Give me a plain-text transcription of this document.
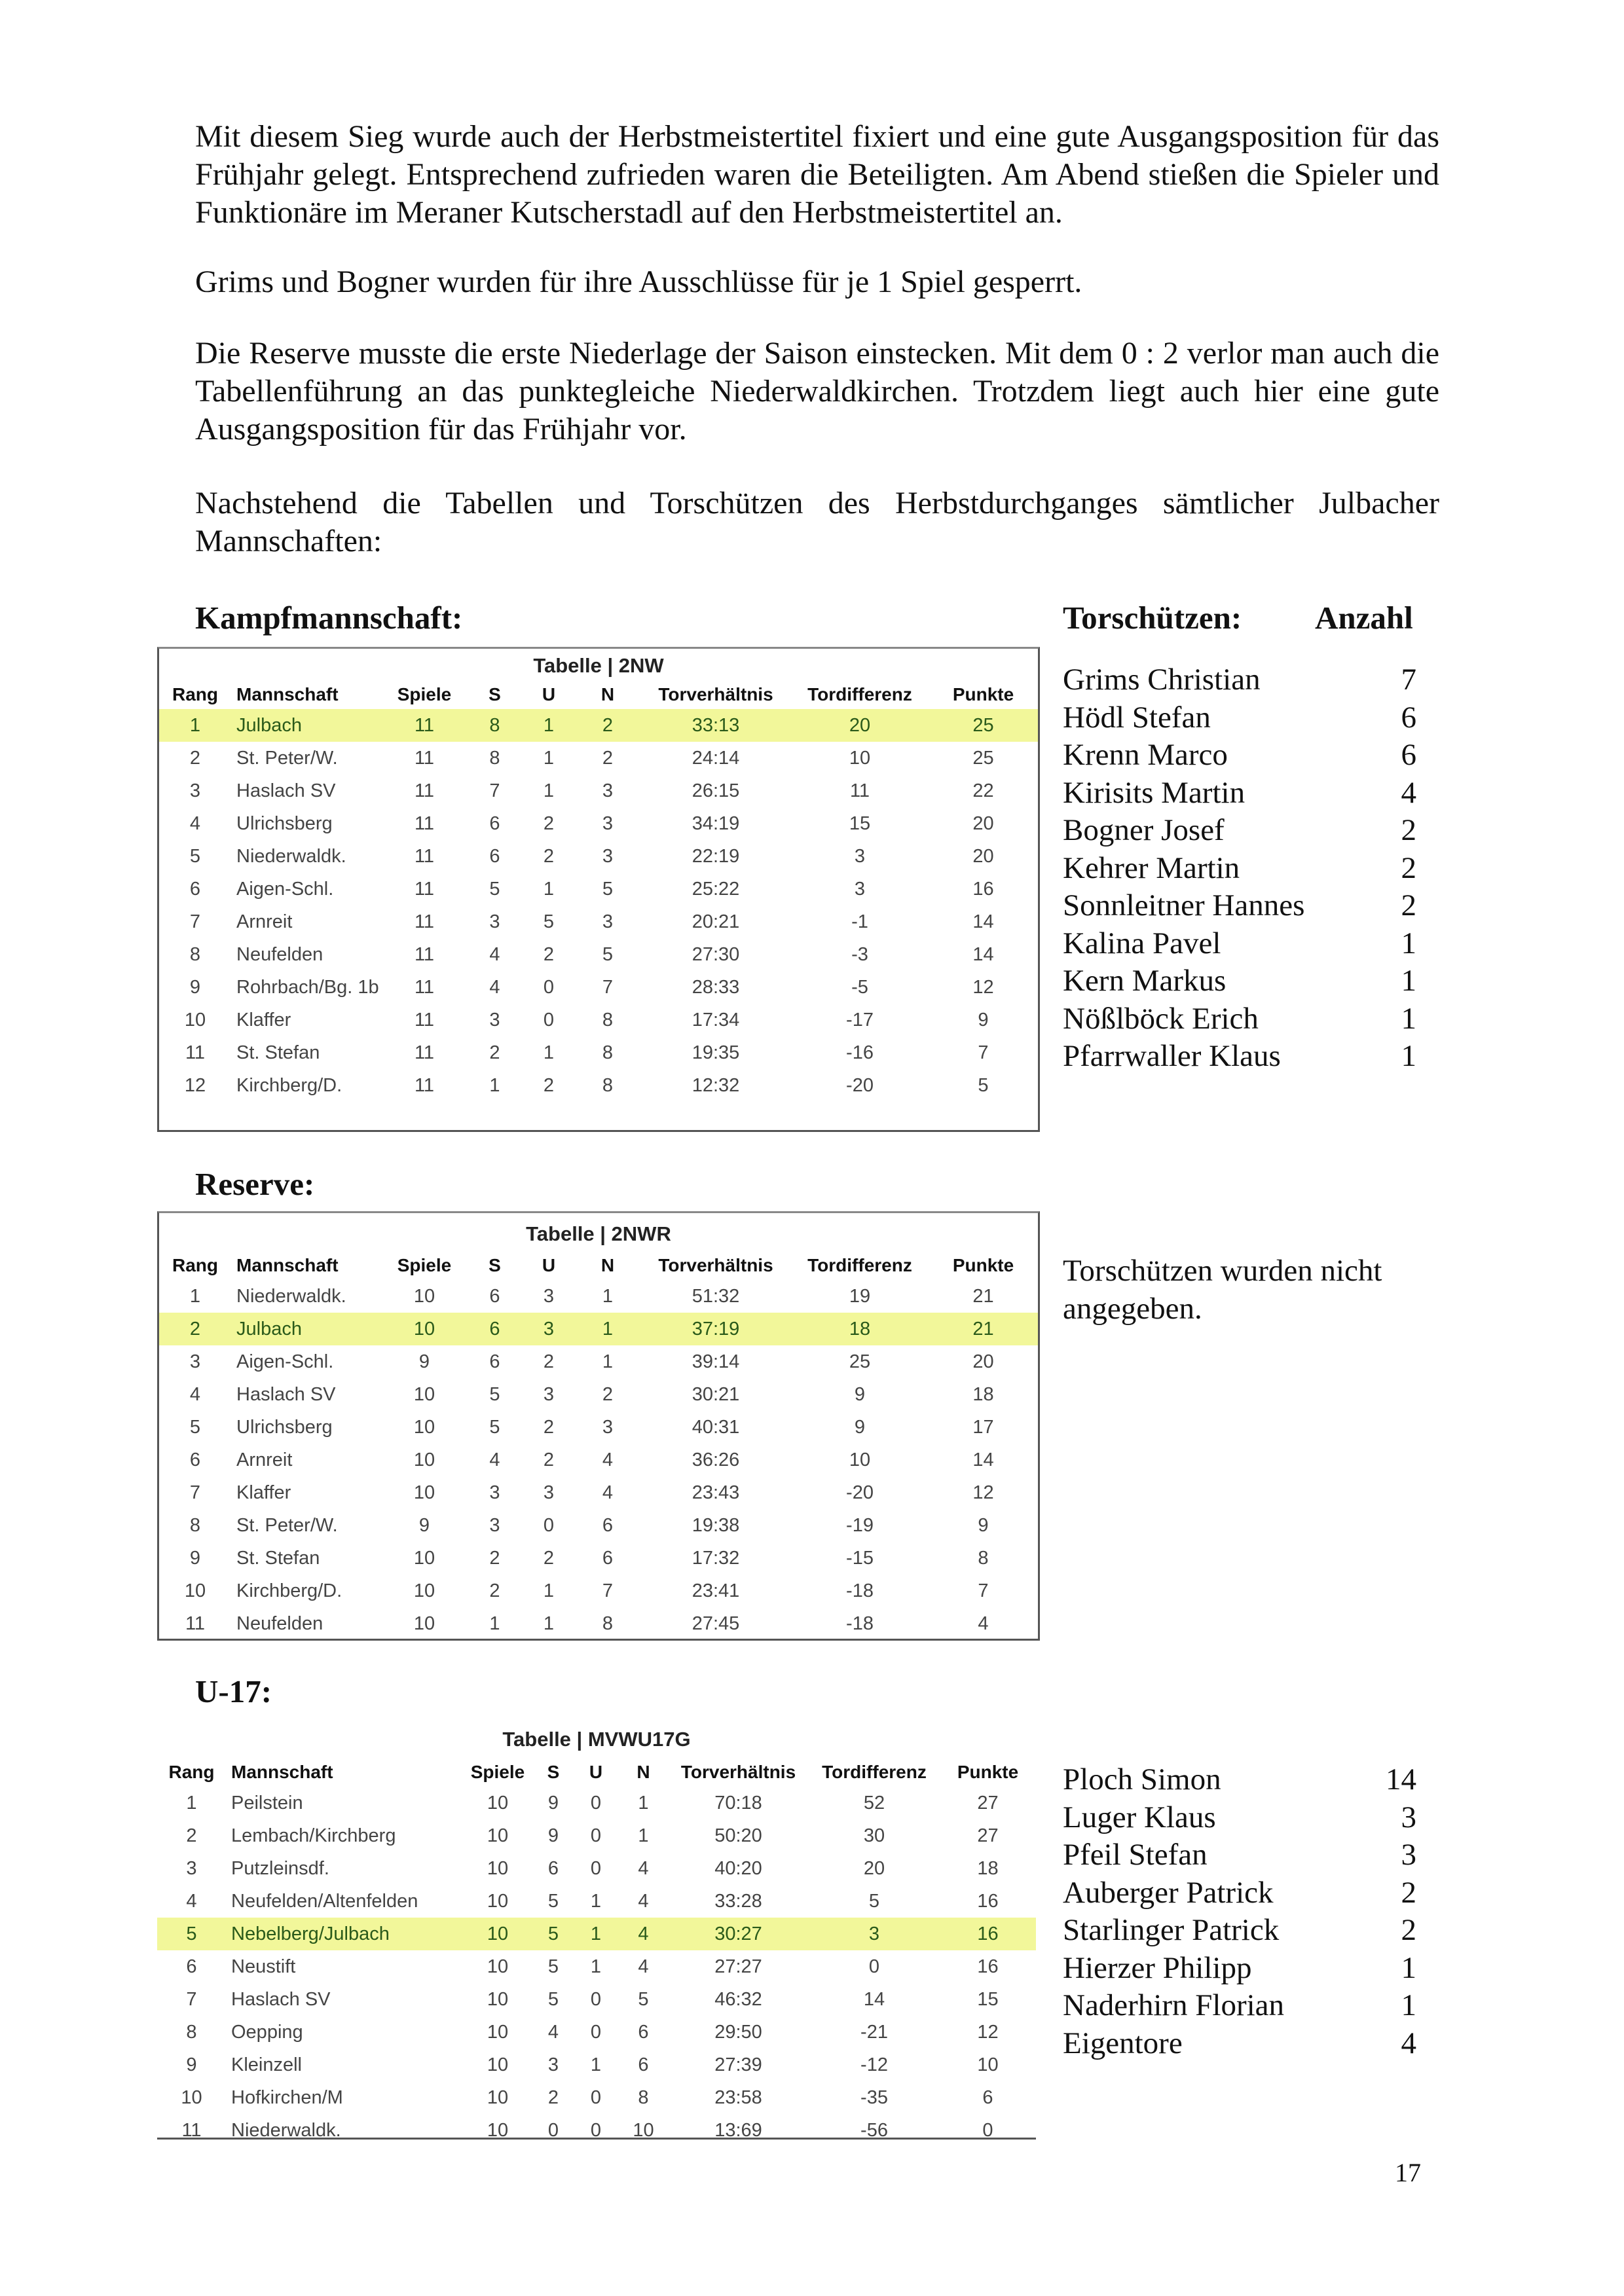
Mit diesem Sieg wurde auch der Herbstmeistertitel fixiert und eine gute Ausgangsposition für das Frühjahr gelegt. Entsprechend zufrieden waren die Beteiligten. Am Abend stießen die Spieler und Funktionäre im Meraner Kutscherstadl auf den Herbstmeistertitel an.

Grims und Bogner wurden für ihre Ausschlüsse für je 1 Spiel gesperrt.

Die Reserve musste die erste Niederlage der Saison einstecken. Mit dem 0 : 2 verlor man auch die Tabellenführung an das punktegleiche Niederwaldkirchen. Trotzdem liegt auch hier eine gute Ausgangsposition für das Frühjahr vor.

Nachstehend die Tabellen und Torschützen des Herbstdurchganges sämtlicher Julbacher Mannschaften:

Kampfmannschaft:	Torschützen: Anzahl
Tabelle | 2NW
Rang	Mannschaft	Spiele	S	U	N	Torverhältnis	Tordifferenz	Punkte
1	Julbach	11	8	1	2	33:13	20	25
2	St. Peter/W.	11	8	1	2	24:14	10	25
3	Haslach SV	11	7	1	3	26:15	11	22
4	Ulrichsberg	11	6	2	3	34:19	15	20
5	Niederwaldk.	11	6	2	3	22:19	3	20
6	Aigen-Schl.	11	5	1	5	25:22	3	16
7	Arnreit	11	3	5	3	20:21	-1	14
8	Neufelden	11	4	2	5	27:30	-3	14
9	Rohrbach/Bg. 1b	11	4	0	7	28:33	-5	12
10	Klaffer	11	3	0	8	17:34	-17	9
11	St. Stefan	11	2	1	8	19:35	-16	7
12	Kirchberg/D.	11	1	2	8	12:32	-20	5
Grims Christian	7
Hödl Stefan	6
Krenn Marco	6
Kirisits Martin	4
Bogner Josef	2
Kehrer Martin	2
Sonnleitner Hannes	2
Kalina Pavel	1
Kern Markus	1
Nößlböck Erich	1
Pfarrwaller Klaus	1
Reserve:
Tabelle | 2NWR
Rang	Mannschaft	Spiele	S	U	N	Torverhältnis	Tordifferenz	Punkte
1	Niederwaldk.	10	6	3	1	51:32	19	21
2	Julbach	10	6	3	1	37:19	18	21
3	Aigen-Schl.	9	6	2	1	39:14	25	20
4	Haslach SV	10	5	3	2	30:21	9	18
5	Ulrichsberg	10	5	2	3	40:31	9	17
6	Arnreit	10	4	2	4	36:26	10	14
7	Klaffer	10	3	3	4	23:43	-20	12
8	St. Peter/W.	9	3	0	6	19:38	-19	9
9	St. Stefan	10	2	2	6	17:32	-15	8
10	Kirchberg/D.	10	2	1	7	23:41	-18	7
11	Neufelden	10	1	1	8	27:45	-18	4

Torschützen wurden nicht angegeben.

U-17:
Tabelle | MVWU17G
Rang	Mannschaft	Spiele	S	U	N	Torverhältnis	Tordifferenz	Punkte
1	Peilstein	10	9	0	1	70:18	52	27
2	Lembach/Kirchberg	10	9	0	1	50:20	30	27
3	Putzleinsdf.	10	6	0	4	40:20	20	18
4	Neufelden/Altenfelden	10	5	1	4	33:28	5	16
5	Nebelberg/Julbach	10	5	1	4	30:27	3	16
6	Neustift	10	5	1	4	27:27	0	16
7	Haslach SV	10	5	0	5	46:32	14	15
8	Oepping	10	4	0	6	29:50	-21	12
9	Kleinzell	10	3	1	6	27:39	-12	10
10	Hofkirchen/M	10	2	0	8	23:58	-35	6
11	Niederwaldk.	10	0	0	10	13:69	-56	0
Ploch Simon	14
Luger Klaus	3
Pfeil Stefan	3
Auberger Patrick	2
Starlinger Patrick	2
Hierzer Philipp	1
Naderhirn Florian	1
Eigentore	4
17
